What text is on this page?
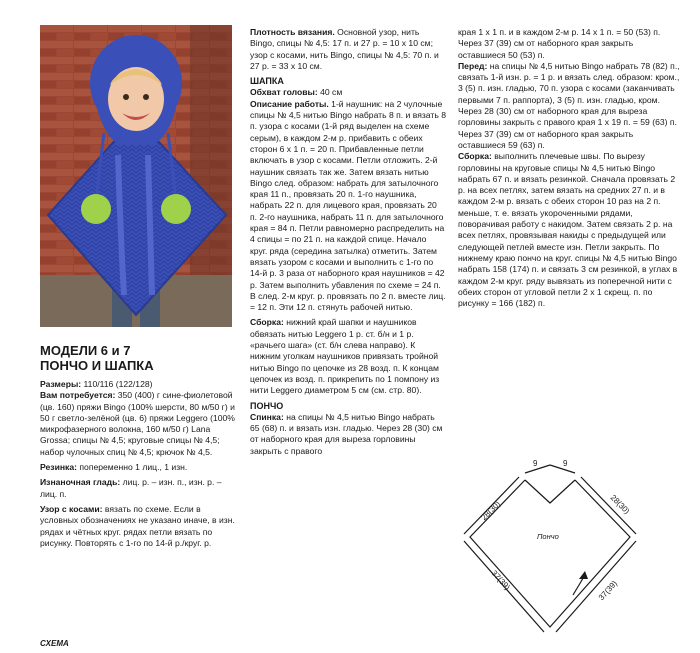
МОДЕЛИ 6 и 7
ПОНЧО И ШАПКА

Размеры: 110/116 (122/128)

Вам потребуется: 350 (400) г сине-фиолетовой (цв. 160) пряжи Bingo (100% шерсти, 80 м/50 г) и 50 г светло-зелёной (цв. 6) пряжи Leggero (100% микрофазерного волокна, 160 м/50 г) Lana Grossa; спицы № 4,5; круговые спицы № 4,5; набор чулочных спиц № 4,5; крючок № 4,5.

Резинка: попеременно 1 лиц., 1 изн.

Изнаночная гладь: лиц. р. – изн. п., изн. р. – лиц. п.

Узор с косами: вязать по схеме. Если в условных обозначениях не указано иначе, в изн. рядах и чётных круг. рядах петли вязать по рисунку. Повторять с 1-го по 14-й р./круг. р.

Плотность вязания. Основной узор, нить Bingo, спицы № 4,5: 17 п. и 27 р. = 10 х 10 см; узор с косами, нить Bingo, спицы № 4,5: 70 п. и 27 р. = 33 х 10 см.

ШАПКА

Обхват головы: 40 см

Описание работы. 1-й наушник: на 2 чулочные спицы № 4,5 нитью Bingo набрать 8 п. и вязать 8 п. узора с косами (1-й ряд выделен на схеме серым), в каждом 2-м р. прибавить с обеих сторон 6 х 1 п. = 20 п. Прибавленные петли включать в узор с косами. Петли отложить. 2-й наушник связать так же. Затем вязать нитью Bingo след. образом: набрать для затылочного края 11 п., провязать 20 п. 1-го наушника, набрать 22 п. для лицевого края, провязать 20 п. 2-го наушника, набрать 11 п. для затылочного края = 84 п. Петли равномерно распределить на 4 спицы = по 21 п. на каждой спице. Начало круг. ряда (середина затылка) отметить. Затем вязать узором с косами и выполнить с 1-го по 14-й р. 3 раза от наборного края наушников = 42 р. Затем выполнить убавления по схеме = 24 п. В след. 2-м круг. р. провязать по 2 п. вместе лиц. = 12 п. Эти 12 п. стянуть рабочей нитью.

Сборка: нижний край шапки и наушников обвязать нитью Leggero 1 р. ст. б/н и 1 р. «рачьего шага» (ст. б/н слева направо). К нижним уголкам наушников привязать тройной нитью Bingo по цепочке из 28 возд. п. К концам цепочек из возд. п. прикрепить по 1 помпону из нити Leggero диаметром 5 см (см. стр. 80).

ПОНЧО

Спинка: на спицы № 4,5 нитью Bingo набрать 65 (68) п. и вязать изн. гладью. Через 28 (30) см от наборного края для выреза горловины закрыть с правого

края 1 х 1 п. и в каждом 2-м р. 14 х 1 п. = 50 (53) п. Через 37 (39) см от наборного края закрыть оставшиеся 50 (53) п.

Перед: на спицы № 4,5 нитью Bingo набрать 78 (82) п., связать 1-й изн. р. = 1 р. и вязать след. образом: кром., 3 (5) п. изн. гладью, 70 п. узора с косами (заканчивать первыми 7 п. раппорта), 3 (5) п. изн. гладью, кром. Через 28 (30) см от наборного края для выреза горловины закрыть с правого края 1 х 19 п. = 59 (63) п. Через 37 (39) см от наборного края закрыть оставшиеся 59 (63) п.

Сборка: выполнить плечевые швы. По вырезу горловины на круговые спицы № 4,5 нитью Bingo набрать 67 п. и вязать резинкой. Сначала провязать 2 р. на всех петлях, затем вязать на средних 27 п. и в каждом 2-м р. вязать с обеих сторон 10 раз на 2 п. меньше, т. е. вязать укороченными рядами, поворачивая работу с накидом. Затем связать 2 р. на всех петлях, провязывая накиды с предыдущей или следующей петлей вместе изн. Петли закрыть. По нижнему краю пончо на круг. спицы № 4,5 нитью Bingo набрать 158 (174) п. и связать 3 см резинкой, в углах в каждом 2-м круг. ряду вывязать из поперечной нити с обеих сторон от угловой петли 2 х 1 скрещ. п. по рисунку = 166 (182) п.

9	9
28(30)	28(30)
37(39)	37(39)
Пончо
СХЕМА
